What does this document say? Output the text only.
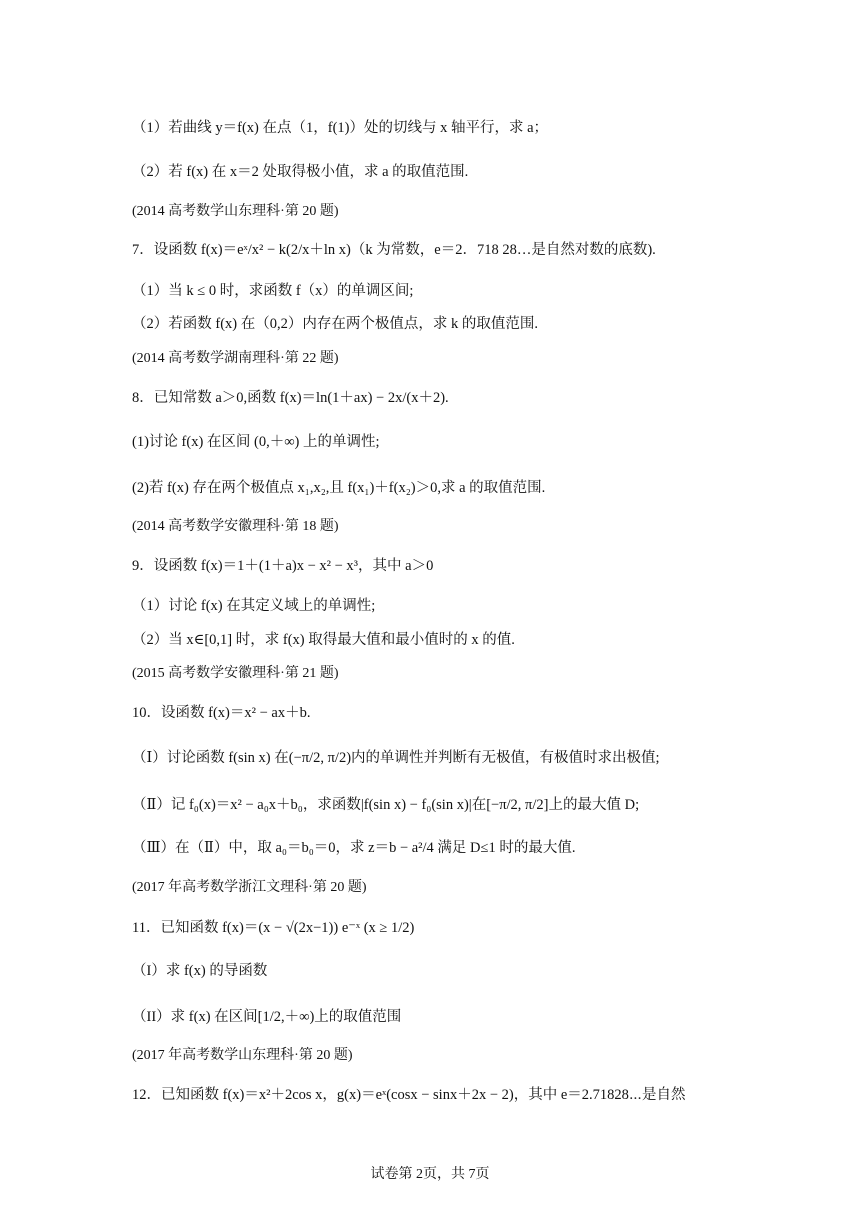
（1）若曲线 y＝f(x) 在点（1，f(1)）处的切线与 x 轴平行，求 a；
（2）若 f(x) 在 x＝2 处取得极小值，求 a 的取值范围.
(2014 高考数学山东理科·第 20 题)
7．设函数 f(x)＝eˣ/x² − k(2/x＋ln x)（k 为常数，e＝2．718 28…是自然对数的底数).
（1）当 k ≤ 0 时，求函数 f（x）的单调区间;
（2）若函数 f(x) 在（0,2）内存在两个极值点，求 k 的取值范围.
(2014 高考数学湖南理科·第 22 题)
8．已知常数 a＞0,函数 f(x)＝ln(1＋ax) − 2x/(x＋2).
(1)讨论 f(x) 在区间 (0,＋∞) 上的单调性;
(2)若 f(x) 存在两个极值点 x₁,x₂,且 f(x₁)＋f(x₂)＞0,求 a 的取值范围.
(2014 高考数学安徽理科·第 18 题)
9．设函数 f(x)＝1＋(1＋a)x − x² − x³，其中 a＞0
（1）讨论 f(x) 在其定义域上的单调性;
（2）当 x∈[0,1] 时，求 f(x) 取得最大值和最小值时的 x 的值.
(2015 高考数学安徽理科·第 21 题)
10．设函数 f(x)＝x² − ax＋b.
（Ⅰ）讨论函数 f(sin x) 在(−π/2, π/2)内的单调性并判断有无极值，有极值时求出极值;
（Ⅱ）记 f₀(x)＝x² − a₀x＋b₀，求函数|f(sin x) − f₀(sin x)|在[−π/2, π/2]上的最大值 D;
（Ⅲ）在（Ⅱ）中，取 a₀＝b₀＝0，求 z＝b − a²/4 满足 D≤1 时的最大值.
(2017 年高考数学浙江文理科·第 20 题)
11．已知函数 f(x)＝(x − √(2x−1)) e⁻ˣ (x ≥ 1/2)
（I）求 f(x) 的导函数
（II）求 f(x) 在区间[1/2,＋∞)上的取值范围
(2017 年高考数学山东理科·第 20 题)
12．已知函数 f(x)＝x²＋2cos x，g(x)＝eˣ(cosx − sinx＋2x − 2)，其中 e＝2.71828⋯是自然
试卷第 2页，共 7页
